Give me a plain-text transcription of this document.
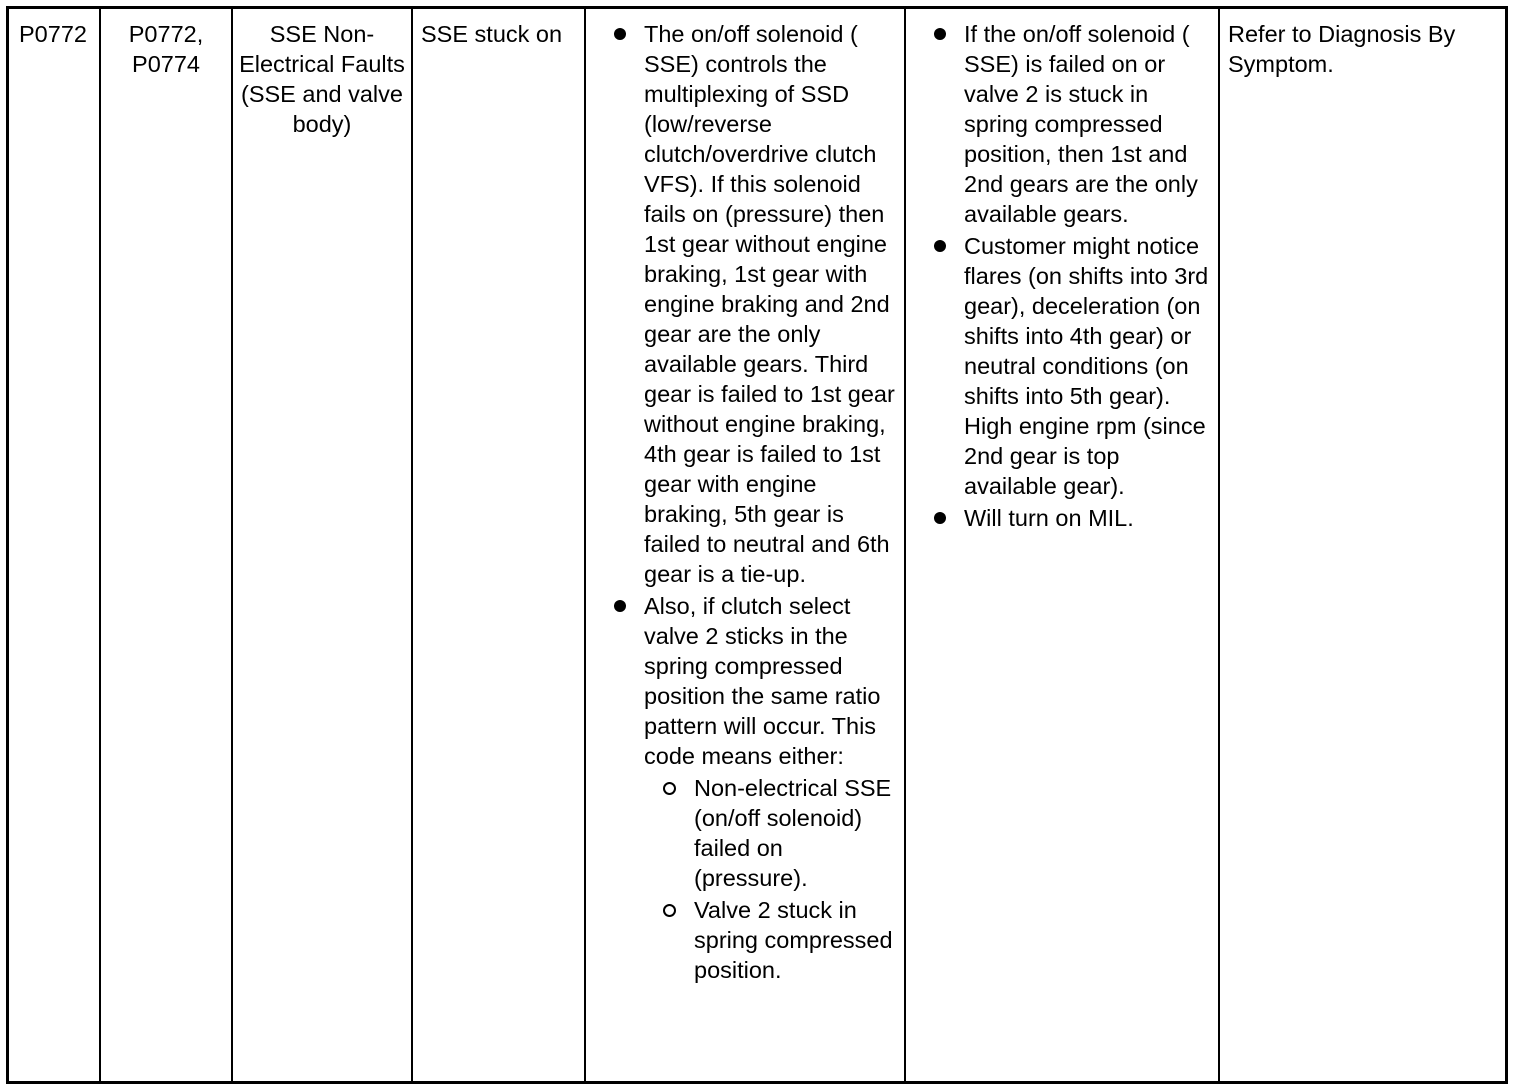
P0772	P0772,
P0774
SSE Non-Electrical Faults (SSE and valve body)
SSE stuck on	The on/off solenoid ( SSE) controls the multiplexing of SSD (low/reverse clutch/overdrive clutch VFS). If this solenoid fails on (pressure) then 1st gear without engine braking, 1st gear with engine braking and 2nd gear are the only available gears. Third gear is failed to 1st gear without engine braking, 4th gear is failed to 1st gear with engine braking, 5th gear is failed to neutral and 6th gear is a tie-up.
Also, if clutch select valve 2 sticks in the spring compressed position the same ratio pattern will occur. This code means either:
Non-electrical SSE (on/off solenoid) failed on (pressure).
Valve 2 stuck in spring compressed position.
If the on/off solenoid ( SSE) is failed on or valve 2 is stuck in spring compressed position, then 1st and 2nd gears are the only available gears.
Customer might notice flares (on shifts into 3rd gear), deceleration (on shifts into 4th gear) or neutral conditions (on shifts into 5th gear). High engine rpm (since 2nd gear is top available gear).
Will turn on MIL.
Refer to Diagnosis By Symptom.
